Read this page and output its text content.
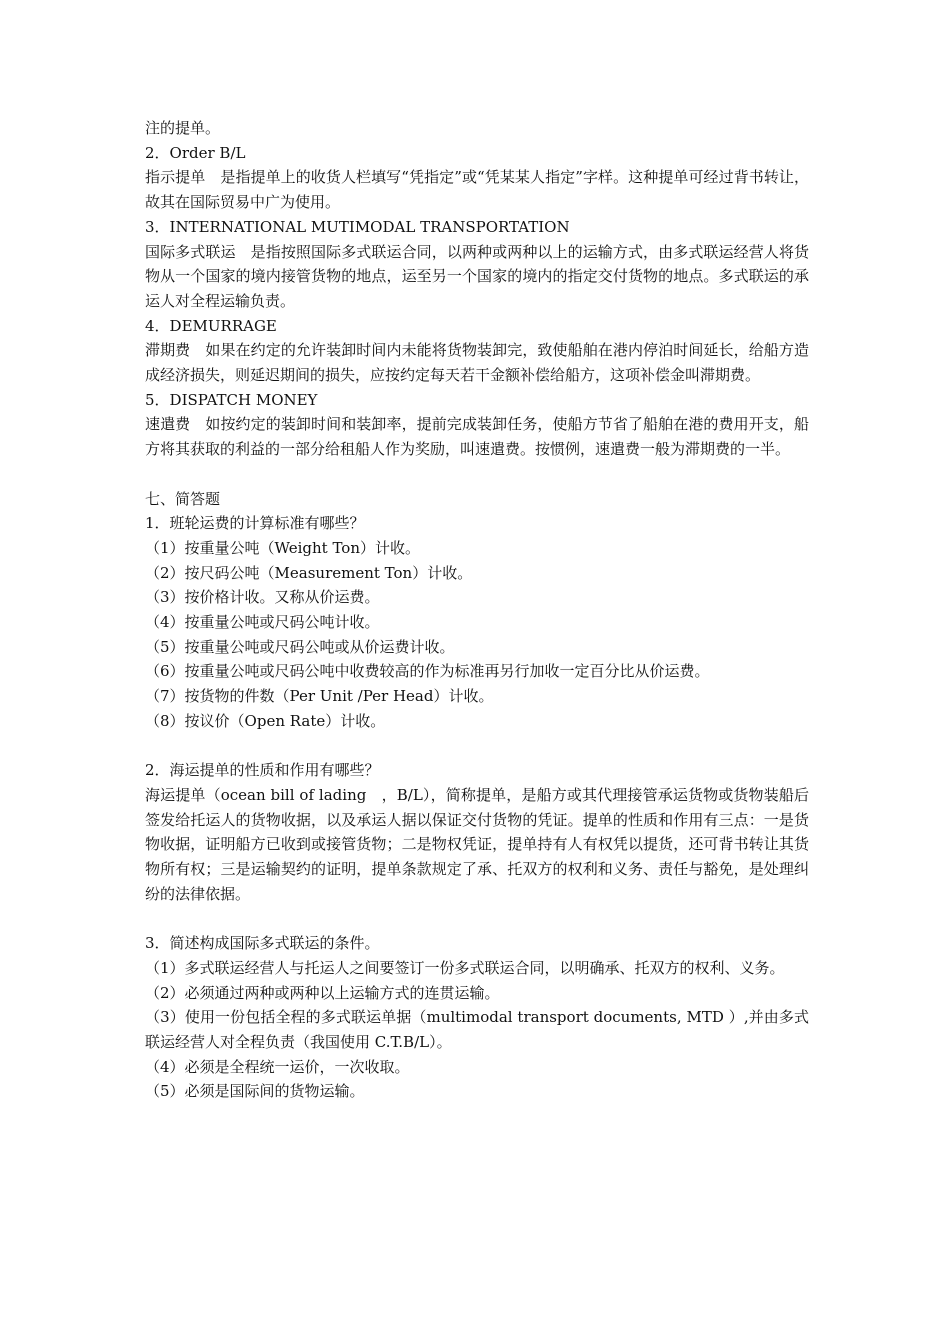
注的提单。

2．Order B/L

指示提单　是指提单上的收货人栏填写“凭指定”或“凭某某人指定”字样。这种提单可经过背书转让，故其在国际贸易中广为使用。

3．INTERNATIONAL MUTIMODAL TRANSPORTATION

国际多式联运　是指按照国际多式联运合同，以两种或两种以上的运输方式，由多式联运经营人将货物从一个国家的境内接管货物的地点，运至另一个国家的境内的指定交付货物的地点。多式联运的承运人对全程运输负责。

4．DEMURRAGE

滞期费　如果在约定的允许装卸时间内未能将货物装卸完，致使船舶在港内停泊时间延长，给船方造成经济损失，则延迟期间的损失，应按约定每天若干金额补偿给船方，这项补偿金叫滞期费。

5．DISPATCH MONEY

速遣费　如按约定的装卸时间和装卸率，提前完成装卸任务，使船方节省了船舶在港的费用开支，船方将其获取的利益的一部分给租船人作为奖励，叫速遣费。按惯例，速遣费一般为滞期费的一半。

七、简答题

1．班轮运费的计算标准有哪些？

（1）按重量公吨（Weight Ton）计收。

（2）按尺码公吨（Measurement Ton）计收。

（3）按价格计收。又称从价运费。

（4）按重量公吨或尺码公吨计收。

（5）按重量公吨或尺码公吨或从价运费计收。

（6）按重量公吨或尺码公吨中收费较高的作为标准再另行加收一定百分比从价运费。

（7）按货物的件数（Per Unit /Per Head）计收。

（8）按议价（Open Rate）计收。

2．海运提单的性质和作用有哪些？

海运提单（ocean bill of lading　，B/L），简称提单，是船方或其代理接管承运货物或货物装船后签发给托运人的货物收据，以及承运人据以保证交付货物的凭证。提单的性质和作用有三点：一是货物收据，证明船方已收到或接管货物；二是物权凭证，提单持有人有权凭以提货，还可背书转让其货物所有权；三是运输契约的证明，提单条款规定了承、托双方的权利和义务、责任与豁免，是处理纠纷的法律依据。

3．简述构成国际多式联运的条件。

（1）多式联运经营人与托运人之间要签订一份多式联运合同，以明确承、托双方的权利、义务。

（2）必须通过两种或两种以上运输方式的连贯运输。

（3）使用一份包括全程的多式联运单据（multimodal transport documents, MTD ）,并由多式联运经营人对全程负责（我国使用 C.T.B/L）。

（4）必须是全程统一运价，一次收取。

（5）必须是国际间的货物运输。
